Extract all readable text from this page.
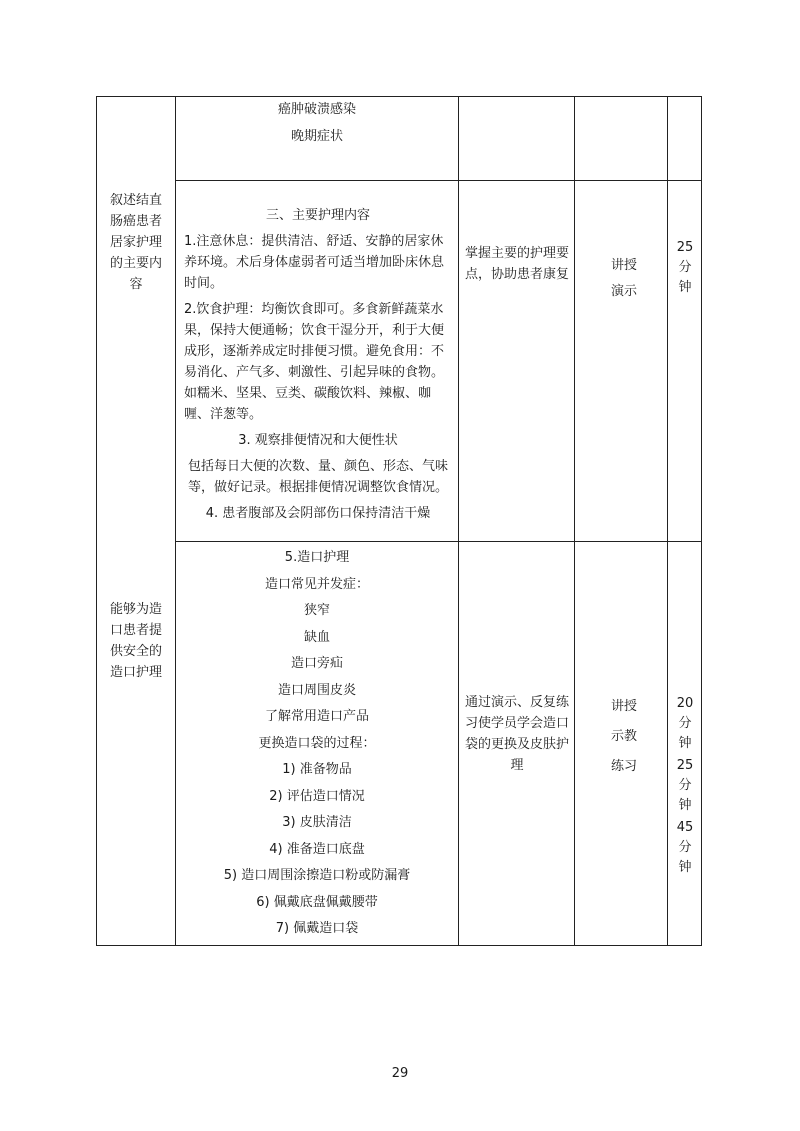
叙述结直
肠癌患者
居家护理
的主要内
容
能够为造
口患者提
供安全的
造口护理
癌肿破溃感染
晚期症状
三、主要护理内容
1.注意休息：提供清洁、舒适、安静的居家休养环境。术后身体虚弱者可适当增加卧床休息时间。
2.饮食护理：均衡饮食即可。多食新鲜蔬菜水果，保持大便通畅；饮食干湿分开，利于大便成形，逐渐养成定时排便习惯。避免食用：不易消化、产气多、刺激性、引起异味的食物。如糯米、坚果、豆类、碳酸饮料、辣椒、咖喱、洋葱等。
3. 观察排便情况和大便性状
包括每日大便的次数、量、颜色、形态、气味等，做好记录。根据排便情况调整饮食情况。
4. 患者腹部及会阴部伤口保持清洁干燥
掌握主要的护理要点，协助患者康复
讲授
演示
25
分
钟
5.造口护理
造口常见并发症：
狭窄
缺血
造口旁疝
造口周围皮炎
了解常用造口产品
更换造口袋的过程：
1) 准备物品
2) 评估造口情况
3) 皮肤清洁
4) 准备造口底盘
5) 造口周围涂擦造口粉或防漏膏
6) 佩戴底盘佩戴腰带
7) 佩戴造口袋
通过演示、反复练习使学员学会造口袋的更换及皮肤护理
讲授
示教
练习
20
分
钟
25
分
钟
45
分
钟
29
